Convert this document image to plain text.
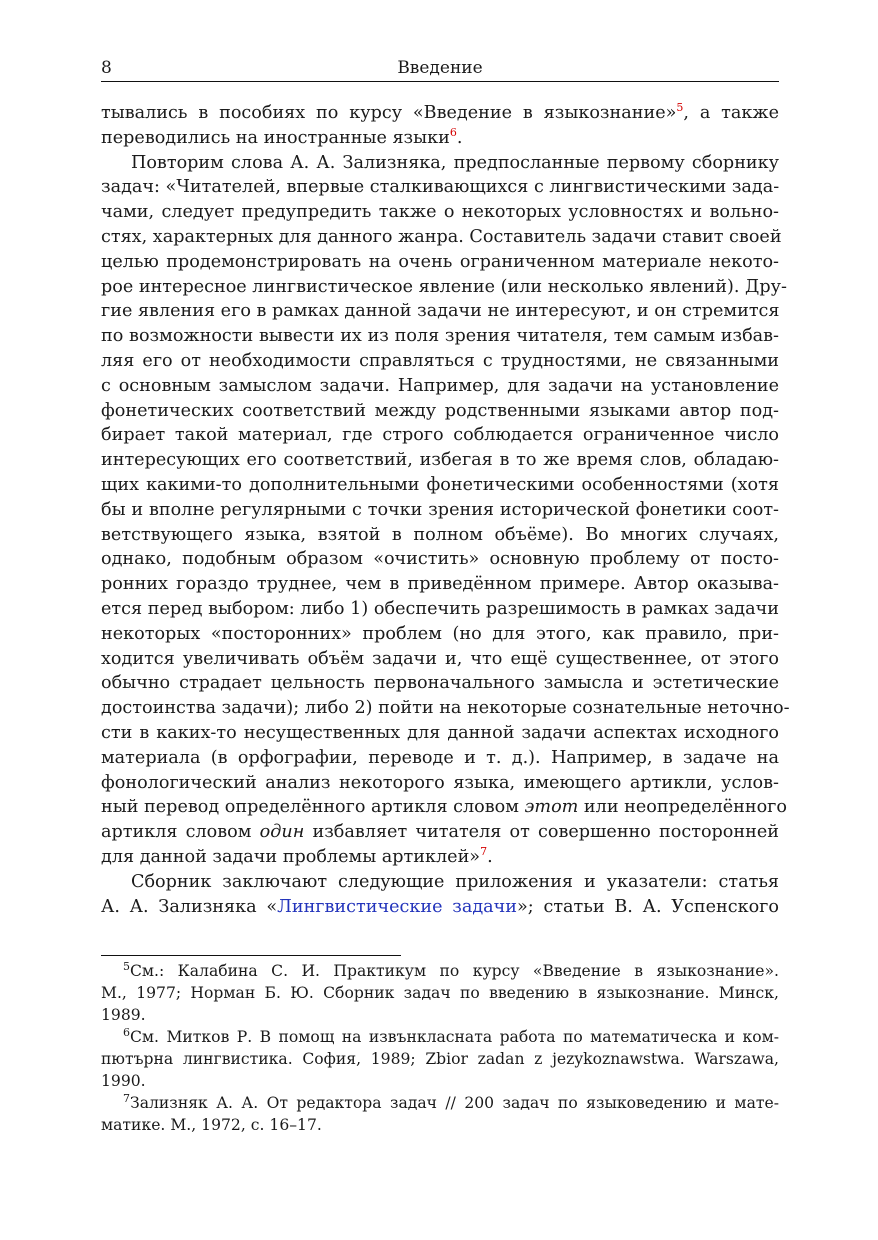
8	Введение
тывались в пособиях по курсу «Введение в языкознание»$^5$, а также
переводились на иностранные языки$^6$.
Повторим слова А. А. Зализняка, предпосланные первому сборнику
задач: «Читателей, впервые сталкивающихся с лингвистическими зада-
чами, следует предупредить также о некоторых условностях и вольно-
стях, характерных для данного жанра. Составитель задачи ставит своей
целью продемонстрировать на очень ограниченном материале некото-
рое интересное лингвистическое явление (или несколько явлений). Дру-
гие явления его в рамках данной задачи не интересуют, и он стремится
по возможности вывести их из поля зрения читателя, тем самым избав-
ляя его от необходимости справляться с трудностями, не связанными
с основным замыслом задачи. Например, для задачи на установление
фонетических соответствий между родственными языками автор под-
бирает такой материал, где строго соблюдается ограниченное число
интересующих его соответствий, избегая в то же время слов, обладаю-
щих какими-то дополнительными фонетическими особенностями (хотя
бы и вполне регулярными с точки зрения исторической фонетики соот-
ветствующего языка, взятой в полном объёме). Во многих случаях,
однако, подобным образом «очистить» основную проблему от посто-
ронних гораздо труднее, чем в приведённом примере. Автор оказыва-
ется перед выбором: либо 1) обеспечить разрешимость в рамках задачи
некоторых «посторонних» проблем (но для этого, как правило, при-
ходится увеличивать объём задачи и, что ещё существеннее, от этого
обычно страдает цельность первоначального замысла и эстетические
достоинства задачи); либо 2) пойти на некоторые сознательные неточно-
сти в каких-то несущественных для данной задачи аспектах исходного
материала (в орфографии, переводе и т. д.). Например, в задаче на
фонологический анализ некоторого языка, имеющего артикли, услов-
ный перевод определённого артикля словом этот или неопределённого
артикля словом один избавляет читателя от совершенно посторонней
для данной задачи проблемы артиклей»$^7$.
Сборник заключают следующие приложения и указатели: статья
А. А. Зализняка «Лингвистические задачи»; статьи В. А. Успенского
$^5$См.: Калабина С. И. Практикум по курсу «Введение в языкознание».
М., 1977; Норман Б. Ю. Сборник задач по введению в языкознание. Минск,
1989.
$^6$См. Митков Р. В помощ на извънкласната работа по математическа и ком-
пютърна лингвистика. София, 1989; Zbior zadan z jezykoznawstwa. Warszawa,
1990.
$^7$Зализняк А. А. От редактора задач // 200 задач по языковедению и мате-
матике. М., 1972, с. 16–17.
